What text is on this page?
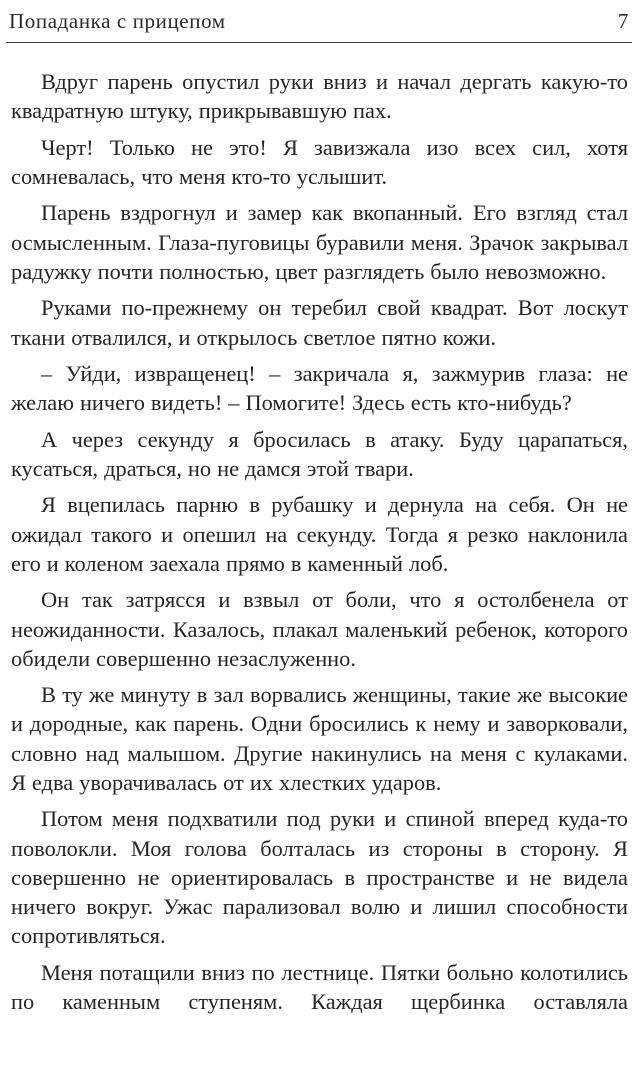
Попаданка с прицепом	7

Вдруг парень опустил руки вниз и начал дергать какую-то квадратную штуку, прикрывавшую пах.

Черт! Только не это! Я завизжала изо всех сил, хотя сомневалась, что меня кто-то услышит.

Парень вздрогнул и замер как вкопанный. Его взгляд стал осмысленным. Глаза-пуговицы буравили меня. Зрачок закрывал радужку почти полностью, цвет разглядеть было невозможно.

Руками по-прежнему он теребил свой квадрат. Вот лоскут ткани отвалился, и открылось светлое пятно кожи.

– Уйди, извращенец! – закричала я, зажмурив глаза: не желаю ничего видеть! – Помогите! Здесь есть кто-нибудь?

А через секунду я бросилась в атаку. Буду царапаться, кусаться, драться, но не дамся этой твари.

Я вцепилась парню в рубашку и дернула на себя. Он не ожидал такого и опешил на секунду. Тогда я резко наклонила его и коленом заехала прямо в каменный лоб.

Он так затрясся и взвыл от боли, что я остолбенела от неожиданности. Казалось, плакал маленький ребенок, которого обидели совершенно незаслуженно.

В ту же минуту в зал ворвались женщины, такие же высокие и дородные, как парень. Одни бросились к нему и заворковали, словно над малышом. Другие накинулись на меня с кулаками. Я едва уворачивалась от их хлестких ударов.

Потом меня подхватили под руки и спиной вперед куда-то поволокли. Моя голова болталась из стороны в сторону. Я совершенно не ориентировалась в пространстве и не видела ничего вокруг. Ужас парализовал волю и лишил способности сопротивляться.

Меня потащили вниз по лестнице. Пятки больно колотились по каменным ступеням. Каждая щербинка оставляла
